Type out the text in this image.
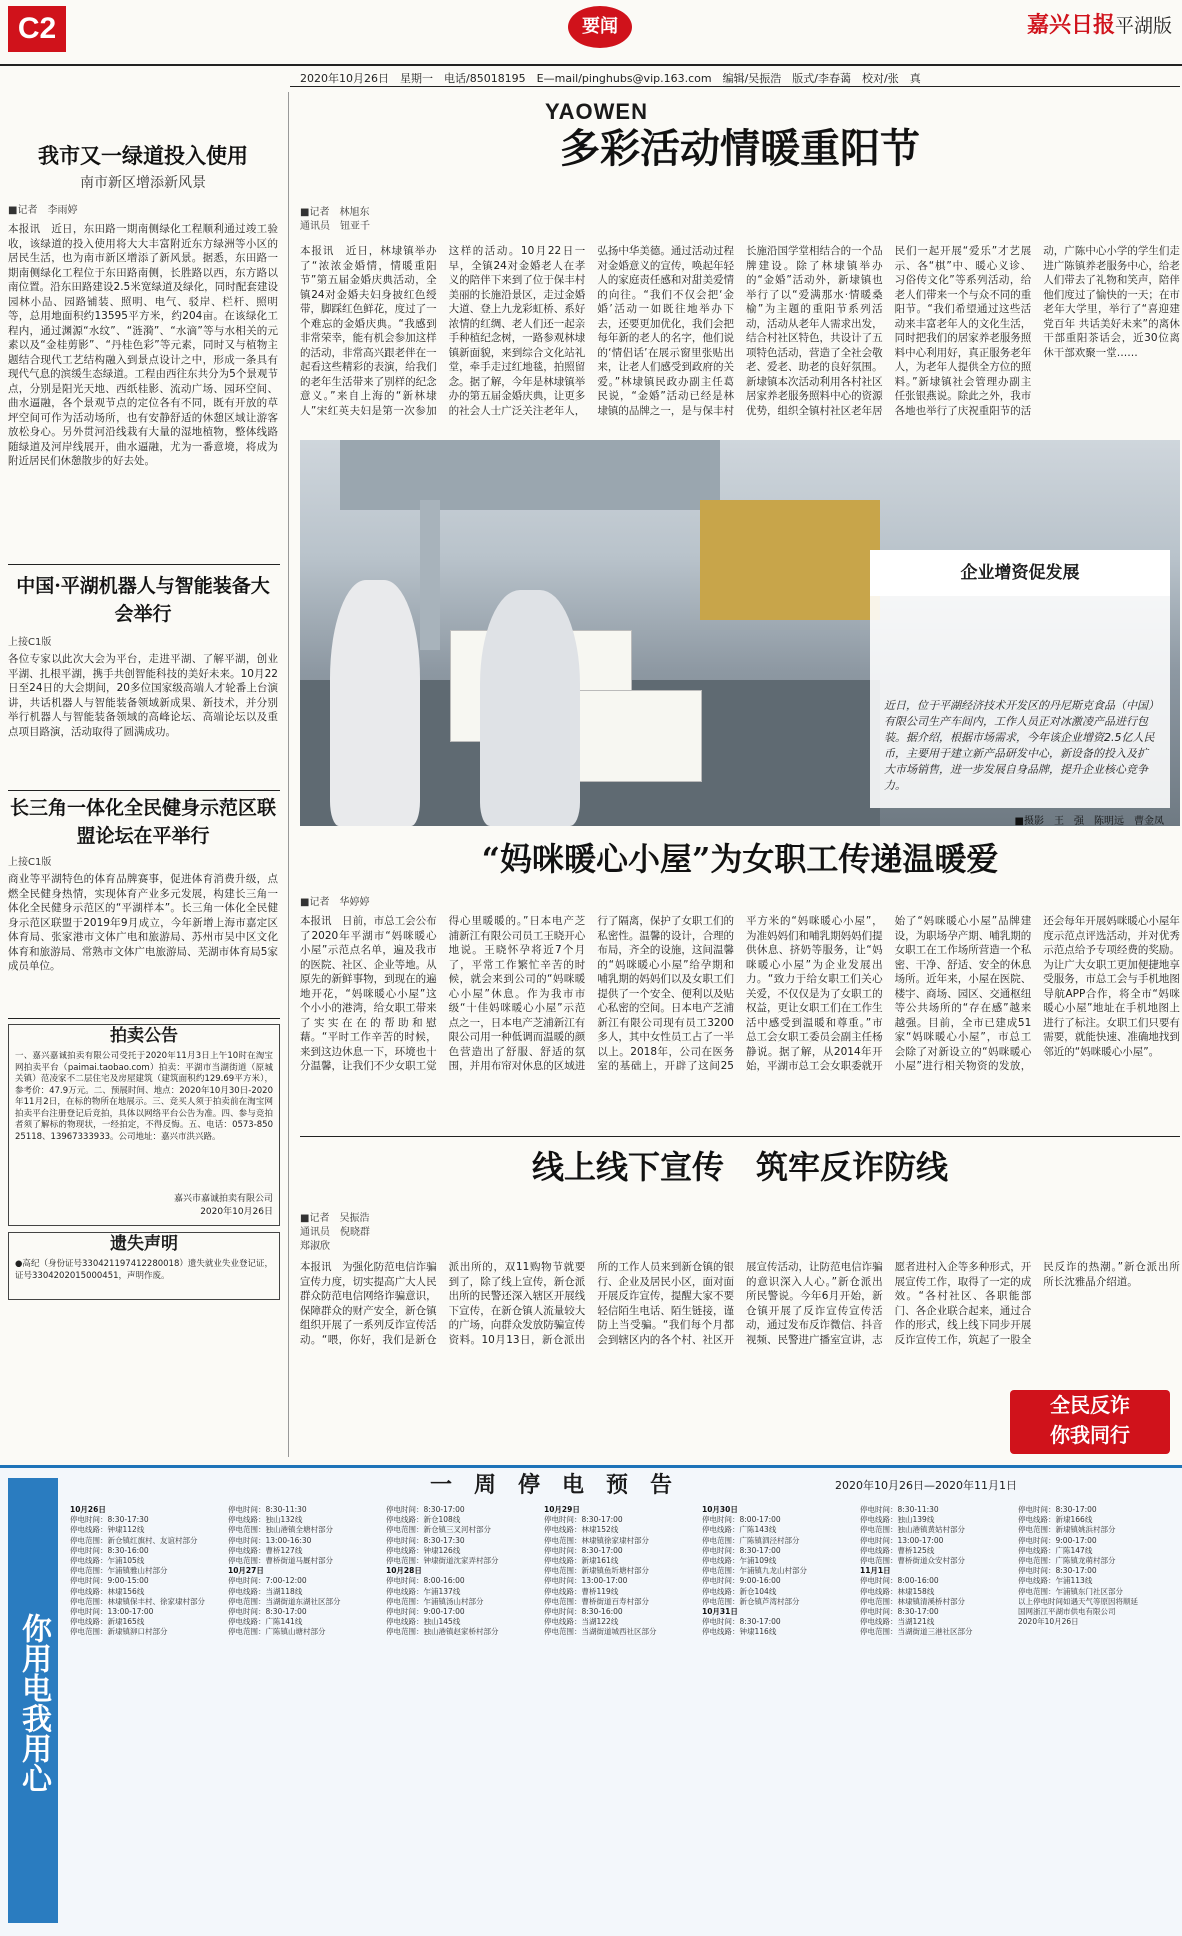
C2	要闻	嘉兴日报平湖版
2020年10月26日　星期一　电话/85018195　E—mail/pinghubs@vip.163.com　编辑/吴振浩　版式/李春蔼　校对/张　真
YAOWEN
我市又一绿道投入使用
南市新区增添新风景
■记者　李雨婷
本报讯　近日，东田路一期南侧绿化工程顺利通过竣工验收，该绿道的投入使用将大大丰富附近东方绿洲等小区的居民生活，也为南市新区增添了新风景。据悉，东田路一期南侧绿化工程位于东田路南侧，长胜路以西，东方路以南位置。沿东田路建设2.5米宽绿道及绿化，同时配套建设园林小品、园路铺装、照明、电气、驳岸、栏杆、照明等，总用地面积约13595平方米，约204亩。在该绿化工程内，通过渊源“水纹”、“涟漪”、“水滴”等与水相关的元素以及“金桂剪影”、“丹桂色彩”等元素，同时又与植物主题结合现代工艺结构融入到景点设计之中，形成一条具有现代气息的滨缓生态绿道。工程由西往东共分为5个景观节点，分别是阳光天地、西纸桂影、流动广场、园环空间、曲水逼融，各个景观节点的定位各有不同，既有开放的草坪空间可作为活动场所，也有安静舒适的休憩区域让游客放松身心。另外贯河沿线栽有大量的湿地植物，整体线路随绿道及河岸线展开，曲水逼融，尤为一番意境，将成为附近居民们休憩散步的好去处。
中国·平湖机器人与智能装备大会举行
上接C1版
各位专家以此次大会为平台，走进平湖、了解平湖，创业平湖、扎根平湖，携手共创智能科技的美好未来。10月22日至24日的大会期间，20多位国家级高端人才轮番上台演讲，共话机器人与智能装备领域新成果、新技术，并分别举行机器人与智能装备领域的高峰论坛、高端论坛以及重点项目路演，活动取得了圆满成功。
长三角一体化全民健身示范区联盟论坛在平举行
上接C1版
商业等平湖特色的体育品牌赛事，促进体育消费升级，点燃全民健身热情，实现体育产业多元发展，构建长三角一体化全民健身示范区的“平湖样本”。长三角一体化全民健身示范区联盟于2019年9月成立，今年新增上海市嘉定区体育局、张家港市文体广电和旅游局、苏州市吴中区文化体育和旅游局、常熟市文体广电旅游局、芜湖市体育局5家成员单位。
拍卖公告
一、嘉兴嘉诚拍卖有限公司受托于2020年11月3日上午10时在淘宝网拍卖平台（paimai.taobao.com）拍卖：平湖市当湖街道（原城关镇）范凌家不二层住宅及房屋建筑（建筑面积约129.69平方米），参考价：47.9万元。二、预展时间、地点：2020年10月30日-2020年11月2日，在标的物所在地展示。三、竞买人须于拍卖前在淘宝网拍卖平台注册登记后竞拍，具体以网络平台公告为准。四、参与竞拍者须了解标的物现状，一经拍定，不得反悔。五、电话：0573-85025118、13967333933。公司地址：嘉兴市洪兴路。
嘉兴市嘉诚拍卖有限公司
2020年10月26日
遗失声明
●高纪（身份证号330421197412280018）遗失就业失业登记证，证号3304202015000451，声明作废。
多彩活动情暖重阳节
■记者　林旭东　通讯员　钮亚千
本报讯　近日，林埭镇举办了“浓浓金婚情，情暖重阳节”第五届金婚庆典活动，全镇24对金婚夫妇身披红色绶带，脚踩红色鲜花，度过了一个难忘的金婚庆典。“我感到非常荣幸，能有机会参加这样的活动，非常高兴跟老伴在一起看这些精彩的表演，给我们的老年生活带来了别样的纪念意义。”来自上海的“新林埭人”宋红英夫妇是第一次参加这样的活动。10月22日一早，全镇24对金婚老人在孝义的陪伴下来到了位于保丰村美丽的长施沿景区，走过金婚大道、登上九龙彩虹桥、系好浓情的红绸、老人们还一起亲手种植纪念树，一路参观林埭镇新面貌，来到综合文化站礼堂，牵手走过红地毯，拍照留念。据了解，今年是林埭镇举办的第五届金婚庆典，让更多的社会人士广泛关注老年人，弘扬中华美德。通过活动过程对金婚意义的宣传，唤起年轻人的家庭责任感和对甜美爱情的向往。“我们不仅会把‘金婚’活动一如既往地举办下去，还要更加优化，我们会把每年新的老人的名字，他们说的‘情侣话’在展示窗里张贴出来，让老人们感受到政府的关爱。”林埭镇民政办副主任葛民说，“金婚”活动已经是林埭镇的品牌之一，是与保丰村长施沿国学堂相结合的一个品牌建设。除了林埭镇举办的“金婚”活动外，新埭镇也举行了以“爱满那水·情暖桑榆”为主题的重阳节系列活动，活动从老年人需求出发，结合村社区特色，共设计了五项特色活动，营造了全社会敬老、爱老、助老的良好氛围。新埭镇本次活动利用各村社区居家养老服务照料中心的资源优势，组织全镇村社区老年居民们一起开展“爱乐”才艺展示、各“棋”中、暖心义诊、习俗传文化”等系列活动，给老人们带来一个与众不同的重阳节。“我们希望通过这些活动来丰富老年人的文化生活，同时把我们的居家养老服务照料中心利用好，真正服务老年人，为老年人提供全方位的照料。”新埭镇社会管理办副主任张银燕说。除此之外，我市各地也举行了庆祝重阳节的活动，广陈中心小学的学生们走进广陈镇养老服务中心，给老人们带去了礼物和笑声，陪伴他们度过了愉快的一天；在市老年大学里，举行了“喜迎建党百年 共话美好未来”的离休干部重阳茶话会，近30位离休干部欢聚一堂……
企业增资促发展
近日，位于平湖经济技术开发区的丹尼斯克食品（中国）有限公司生产车间内，工作人员正对冰激凌产品进行包装。据介绍，根据市场需求，今年该企业增资2.5亿人民币，主要用于建立新产品研发中心，新设备的投入及扩大市场销售，进一步发展自身品牌，提升企业核心竞争力。
■摄影　王　强　陈明远　曹金凤
“妈咪暖心小屋”为女职工传递温暖爱
■记者　华婷婷
本报讯　日前，市总工会公布了2020年平湖市“妈咪暖心小屋”示范点名单，遍及我市的医院、社区、企业等地。从原先的新鲜事物，到现在的遍地开花，“妈咪暖心小屋”这个小小的港湾，给女职工带来了实实在在的帮助和慰藉。“平时工作辛苦的时候，来到这边休息一下，环境也十分温馨，让我们不少女职工觉得心里暖暖的。”日本电产芝浦新江有限公司员工王晓开心地说。王晓怀孕将近7个月了，平常工作繁忙辛苦的时候，就会来到公司的“妈咪暖心小屋”休息。作为我市市级“十佳妈咪暖心小屋”示范点之一，日本电产芝浦新江有限公司用一种低调而温暖的颜色营造出了舒服、舒适的氛围，并用布帘对休息的区域进行了隔离，保护了女职工们的私密性。温馨的设计，合理的布局，齐全的设施，这间温馨的“妈咪暖心小屋”给孕期和哺乳期的妈妈们以及女职工们提供了一个安全、便利以及贴心私密的空间。日本电产芝浦新江有限公司现有员工3200多人，其中女性员工占了一半以上。2018年，公司在医务室的基础上，开辟了这间25平方米的“妈咪暖心小屋”，为准妈妈们和哺乳期妈妈们提供休息、挤奶等服务，让“妈咪暖心小屋”为企业发展出力。“致力于给女职工们关心关爱，不仅仅是为了女职工的权益，更让女职工们在工作生活中感受到温暖和尊重。”市总工会女职工委员会副主任杨静说。据了解，从2014年开始，平湖市总工会女职委就开始了“妈咪暖心小屋”品牌建设，为职场孕产期、哺乳期的女职工在工作场所营造一个私密、干净、舒适、安全的休息场所。近年来，小屋在医院、楼宇、商场、园区、交通枢纽等公共场所的“存在感”越来越强。目前，全市已建成51家“妈咪暖心小屋”，市总工会除了对新设立的“妈咪暖心小屋”进行相关物资的发放，还会每年开展妈咪暖心小屋年度示范点评选活动，并对优秀示范点给予专项经费的奖励。为让广大女职工更加便捷地享受服务，市总工会与手机地图导航APP合作，将全市“妈咪暖心小屋”地址在手机地图上进行了标注。女职工们只要有需要，就能快速、准确地找到邻近的“妈咪暖心小屋”。
线上线下宣传　筑牢反诈防线
■记者　吴振浩　通讯员　倪晓群　郑淑欣
本报讯　为强化防范电信诈骗宣传力度，切实提高广大人民群众防范电信网络诈骗意识，保障群众的财产安全，新仓镇组织开展了一系列反诈宣传活动。“喂，你好，我们是新仓派出所的，双11购物节就要到了，除了线上宣传，新仓派出所的民警还深入辖区开展线下宣传，在新仓镇人流量较大的广场，向群众发放防骗宣传资料。10月13日，新仓派出所的工作人员来到新仓镇的银行、企业及居民小区，面对面开展反诈宣传，提醒大家不要轻信陌生电话、陌生链接，谨防上当受骗。“我们每个月都会到辖区内的各个村、社区开展宣传活动，让防范电信诈骗的意识深入人心。”新仓派出所民警说。今年6月开始，新仓镇开展了反诈宣传宣传活动，通过发布反诈微信、抖音视频、民警进广播室宣讲，志愿者进村入企等多种形式，开展宣传工作，取得了一定的成效。“各村社区、各职能部门、各企业联合起来，通过合作的形式，线上线下同步开展反诈宣传工作，筑起了一股全民反诈的热潮。”新仓派出所所长沈雅晶介绍道。
全民反诈
你我同行
你用电我用心
一周停电预告	2020年10月26日—2020年11月1日
10月26日
停电时间：8:30-17:30
停电线路：钟埭112线
停电范围：新仓镇红旗村、友谊村部分
停电时间：8:30-16:00
停电线路：乍浦105线
停电范围：乍浦镇雅山村部分
停电时间：9:00-15:00
停电线路：林埭156线
停电范围：林埭镇保丰村、徐家埭村部分
停电时间：13:00-17:00
停电线路：新埭165线
停电范围：新埭镇泖口村部分
停电时间：8:30-11:30
停电线路：独山132线
停电范围：独山港镇全塘村部分
停电时间：13:00-16:30
停电线路：曹桥127线
停电范围：曹桥街道马厩村部分
10月27日
停电时间：7:00-12:00
停电线路：当湖118线
停电范围：当湖街道东湖社区部分
停电时间：8:30-17:00
停电线路：广陈141线
停电范围：广陈镇山塘村部分
停电时间：8:30-17:00
停电线路：新仓108线
停电范围：新仓镇三叉河村部分
停电时间：8:30-17:30
停电线路：钟埭126线
停电范围：钟埭街道沈家弄村部分
10月28日
停电时间：8:00-16:00
停电线路：乍浦137线
停电范围：乍浦镇汤山村部分
停电时间：9:00-17:00
停电线路：独山145线
停电范围：独山港镇赵家桥村部分
10月29日
停电时间：8:30-17:00
停电线路：林埭152线
停电范围：林埭镇徐家埭村部分
停电时间：8:30-17:00
停电线路：新埭161线
停电范围：新埭镇鱼圻塘村部分
停电时间：13:00-17:00
停电线路：曹桥119线
停电范围：曹桥街道百寿村部分
停电时间：8:30-16:00
停电线路：当湖122线
停电范围：当湖街道城西社区部分
10月30日
停电时间：8:00-17:00
停电线路：广陈143线
停电范围：广陈镇泗泾村部分
停电时间：8:30-17:00
停电线路：乍浦109线
停电范围：乍浦镇九龙山村部分
停电时间：9:00-16:00
停电线路：新仓104线
停电范围：新仓镇芦湾村部分
10月31日
停电时间：8:30-17:00
停电线路：钟埭116线
停电时间：8:30-11:30
停电线路：独山139线
停电范围：独山港镇黄姑村部分
停电时间：13:00-17:00
停电线路：曹桥125线
停电范围：曹桥街道众安村部分
11月1日
停电时间：8:00-16:00
停电线路：林埭158线
停电范围：林埭镇清溪桥村部分
停电时间：8:30-17:00
停电线路：当湖121线
停电范围：当湖街道三港社区部分
停电时间：8:30-17:00
停电线路：新埭166线
停电范围：新埭镇姚浜村部分
停电时间：9:00-17:00
停电线路：广陈147线
停电范围：广陈镇龙萌村部分
停电时间：8:30-17:00
停电线路：乍浦113线
停电范围：乍浦镇东门社区部分
以上停电时间如遇天气等原因将顺延
国网浙江平湖市供电有限公司
2020年10月26日
